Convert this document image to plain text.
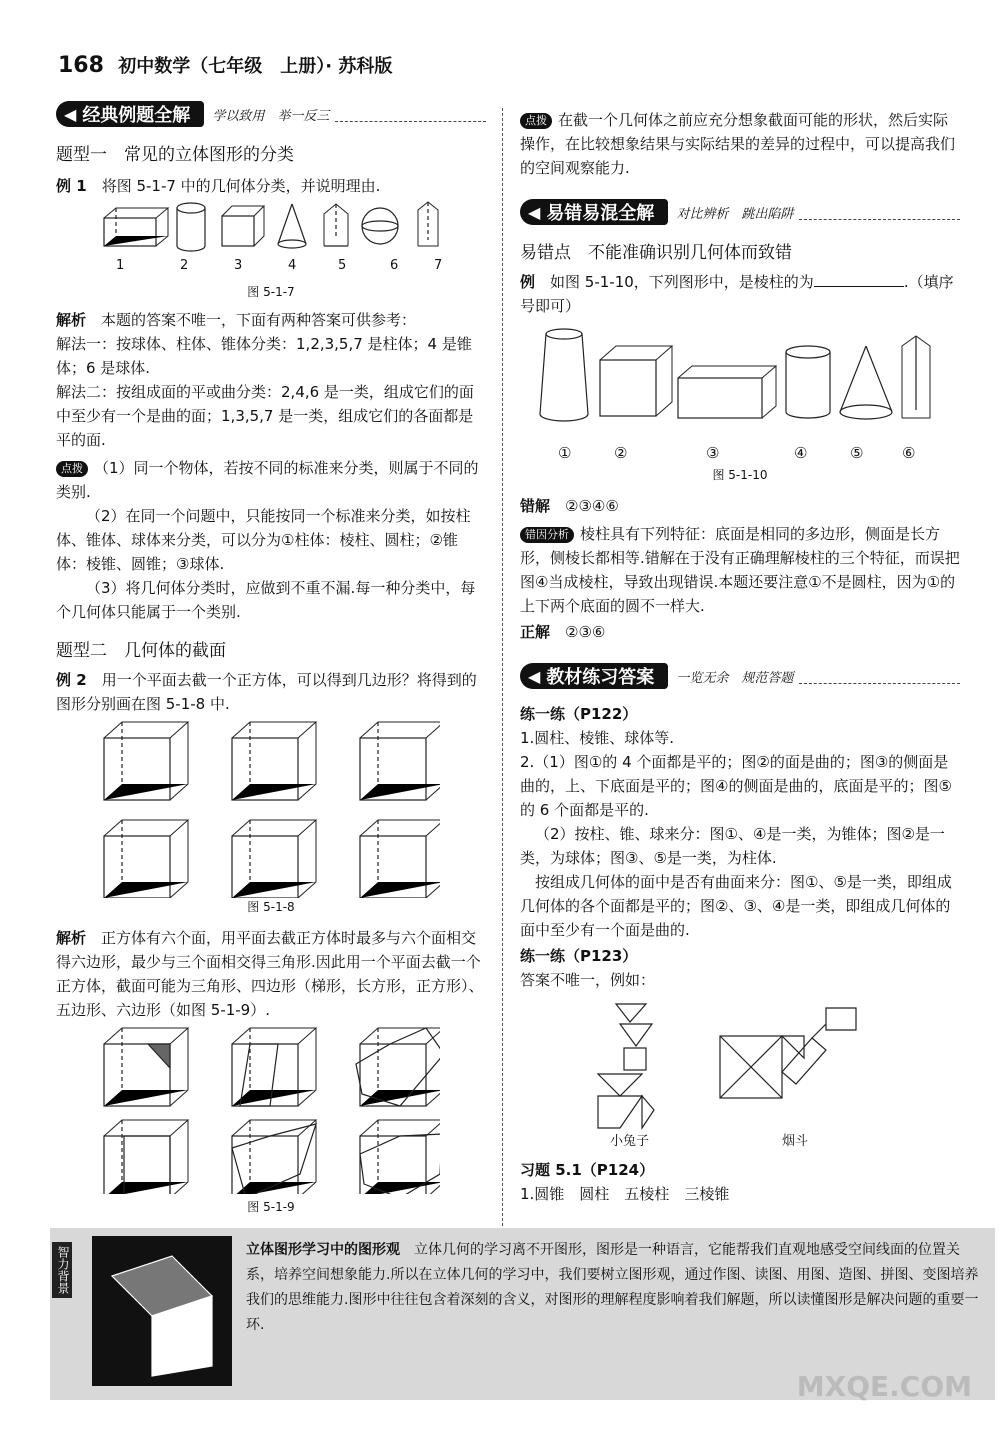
168 初中数学（七年级　上册）· 苏科版
◀ 经典例题全解 学以致用　举一反三
题型一　常见的立体图形的分类
例 1　 将图 5-1-7 中的几何体分类，并说明理由.
1	2	3	4	5	6	7
图 5-1-7
解析　 本题的答案不唯一，下面有两种答案可供参考：
解法一：按球体、柱体、锥体分类：1,2,3,5,7 是柱体；4 是锥体；6 是球体.
解法二：按组成面的平或曲分类：2,4,6 是一类，组成它们的面中至少有一个是曲的面；1,3,5,7 是一类，组成它们的各面都是平的面.
点拨 （1）同一个物体，若按不同的标准来分类，则属于不同的类别.
（2）在同一个问题中，只能按同一个标准来分类，如按柱体、锥体、球体来分类，可以分为①柱体：棱柱、圆柱；②锥体：棱锥、圆锥；③球体.
（3）将几何体分类时，应做到不重不漏.每一种分类中，每个几何体只能属于一个类别.
题型二　几何体的截面
例 2　 用一个平面去截一个正方体，可以得到几边形？将得到的图形分别画在图 5-1-8 中.
图 5-1-8
解析　 正方体有六个面，用平面去截正方体时最多与六个面相交得六边形，最少与三个面相交得三角形.因此用一个平面去截一个正方体，截面可能为三角形、四边形（梯形，长方形，正方形）、五边形、六边形（如图 5-1-9）.
图 5-1-9
点拨 在截一个几何体之前应充分想象截面可能的形状，然后实际操作，在比较想象结果与实际结果的差异的过程中，可以提高我们的空间观察能力.
◀ 易错易混全解 对比辨析　跳出陷阱
易错点　不能准确识别几何体而致错
例　 如图 5-1-10，下列图形中，是棱柱的为	.（填序号即可）
①	②	③	④	⑤	⑥
图 5-1-10
错解　 ②③④⑥
错因分析 棱柱具有下列特征：底面是相同的多边形，侧面是长方形，侧棱长都相等.错解在于没有正确理解棱柱的三个特征，而误把图④当成棱柱，导致出现错误.本题还要注意①不是圆柱，因为①的上下两个底面的圆不一样大.
正解　 ②③⑥
◀ 教材练习答案 一览无余　规范答题
练一练（P122）
1.圆柱、棱锥、球体等.
2.（1）图①的 4 个面都是平的；图②的面是曲的；图③的侧面是曲的，上、下底面是平的；图④的侧面是曲的，底面是平的；图⑤的 6 个面都是平的.
（2）按柱、锥、球来分：图①、④是一类，为锥体；图②是一类，为球体；图③、⑤是一类，为柱体.
按组成几何体的面中是否有曲面来分：图①、⑤是一类，即组成几何体的各个面都是平的；图②、③、④是一类，即组成几何体的面中至少有一个面是曲的.
练一练（P123）
答案不唯一，例如：
小兔子	烟斗
习题 5.1（P124）
1.圆锥　圆柱　五棱柱　三棱锥
智力背景	立体图形学习中的图形观　 立体几何的学习离不开图形，图形是一种语言，它能帮我们直观地感受空间线面的位置关系，培养空间想象能力.所以在立体几何的学习中，我们要树立图形观，通过作图、读图、用图、造图、拼图、变图培养我们的思维能力.图形中往往包含着深刻的含义，对图形的理解程度影响着我们解题，所以读懂图形是解决问题的重要一环.
MXQE.COM
